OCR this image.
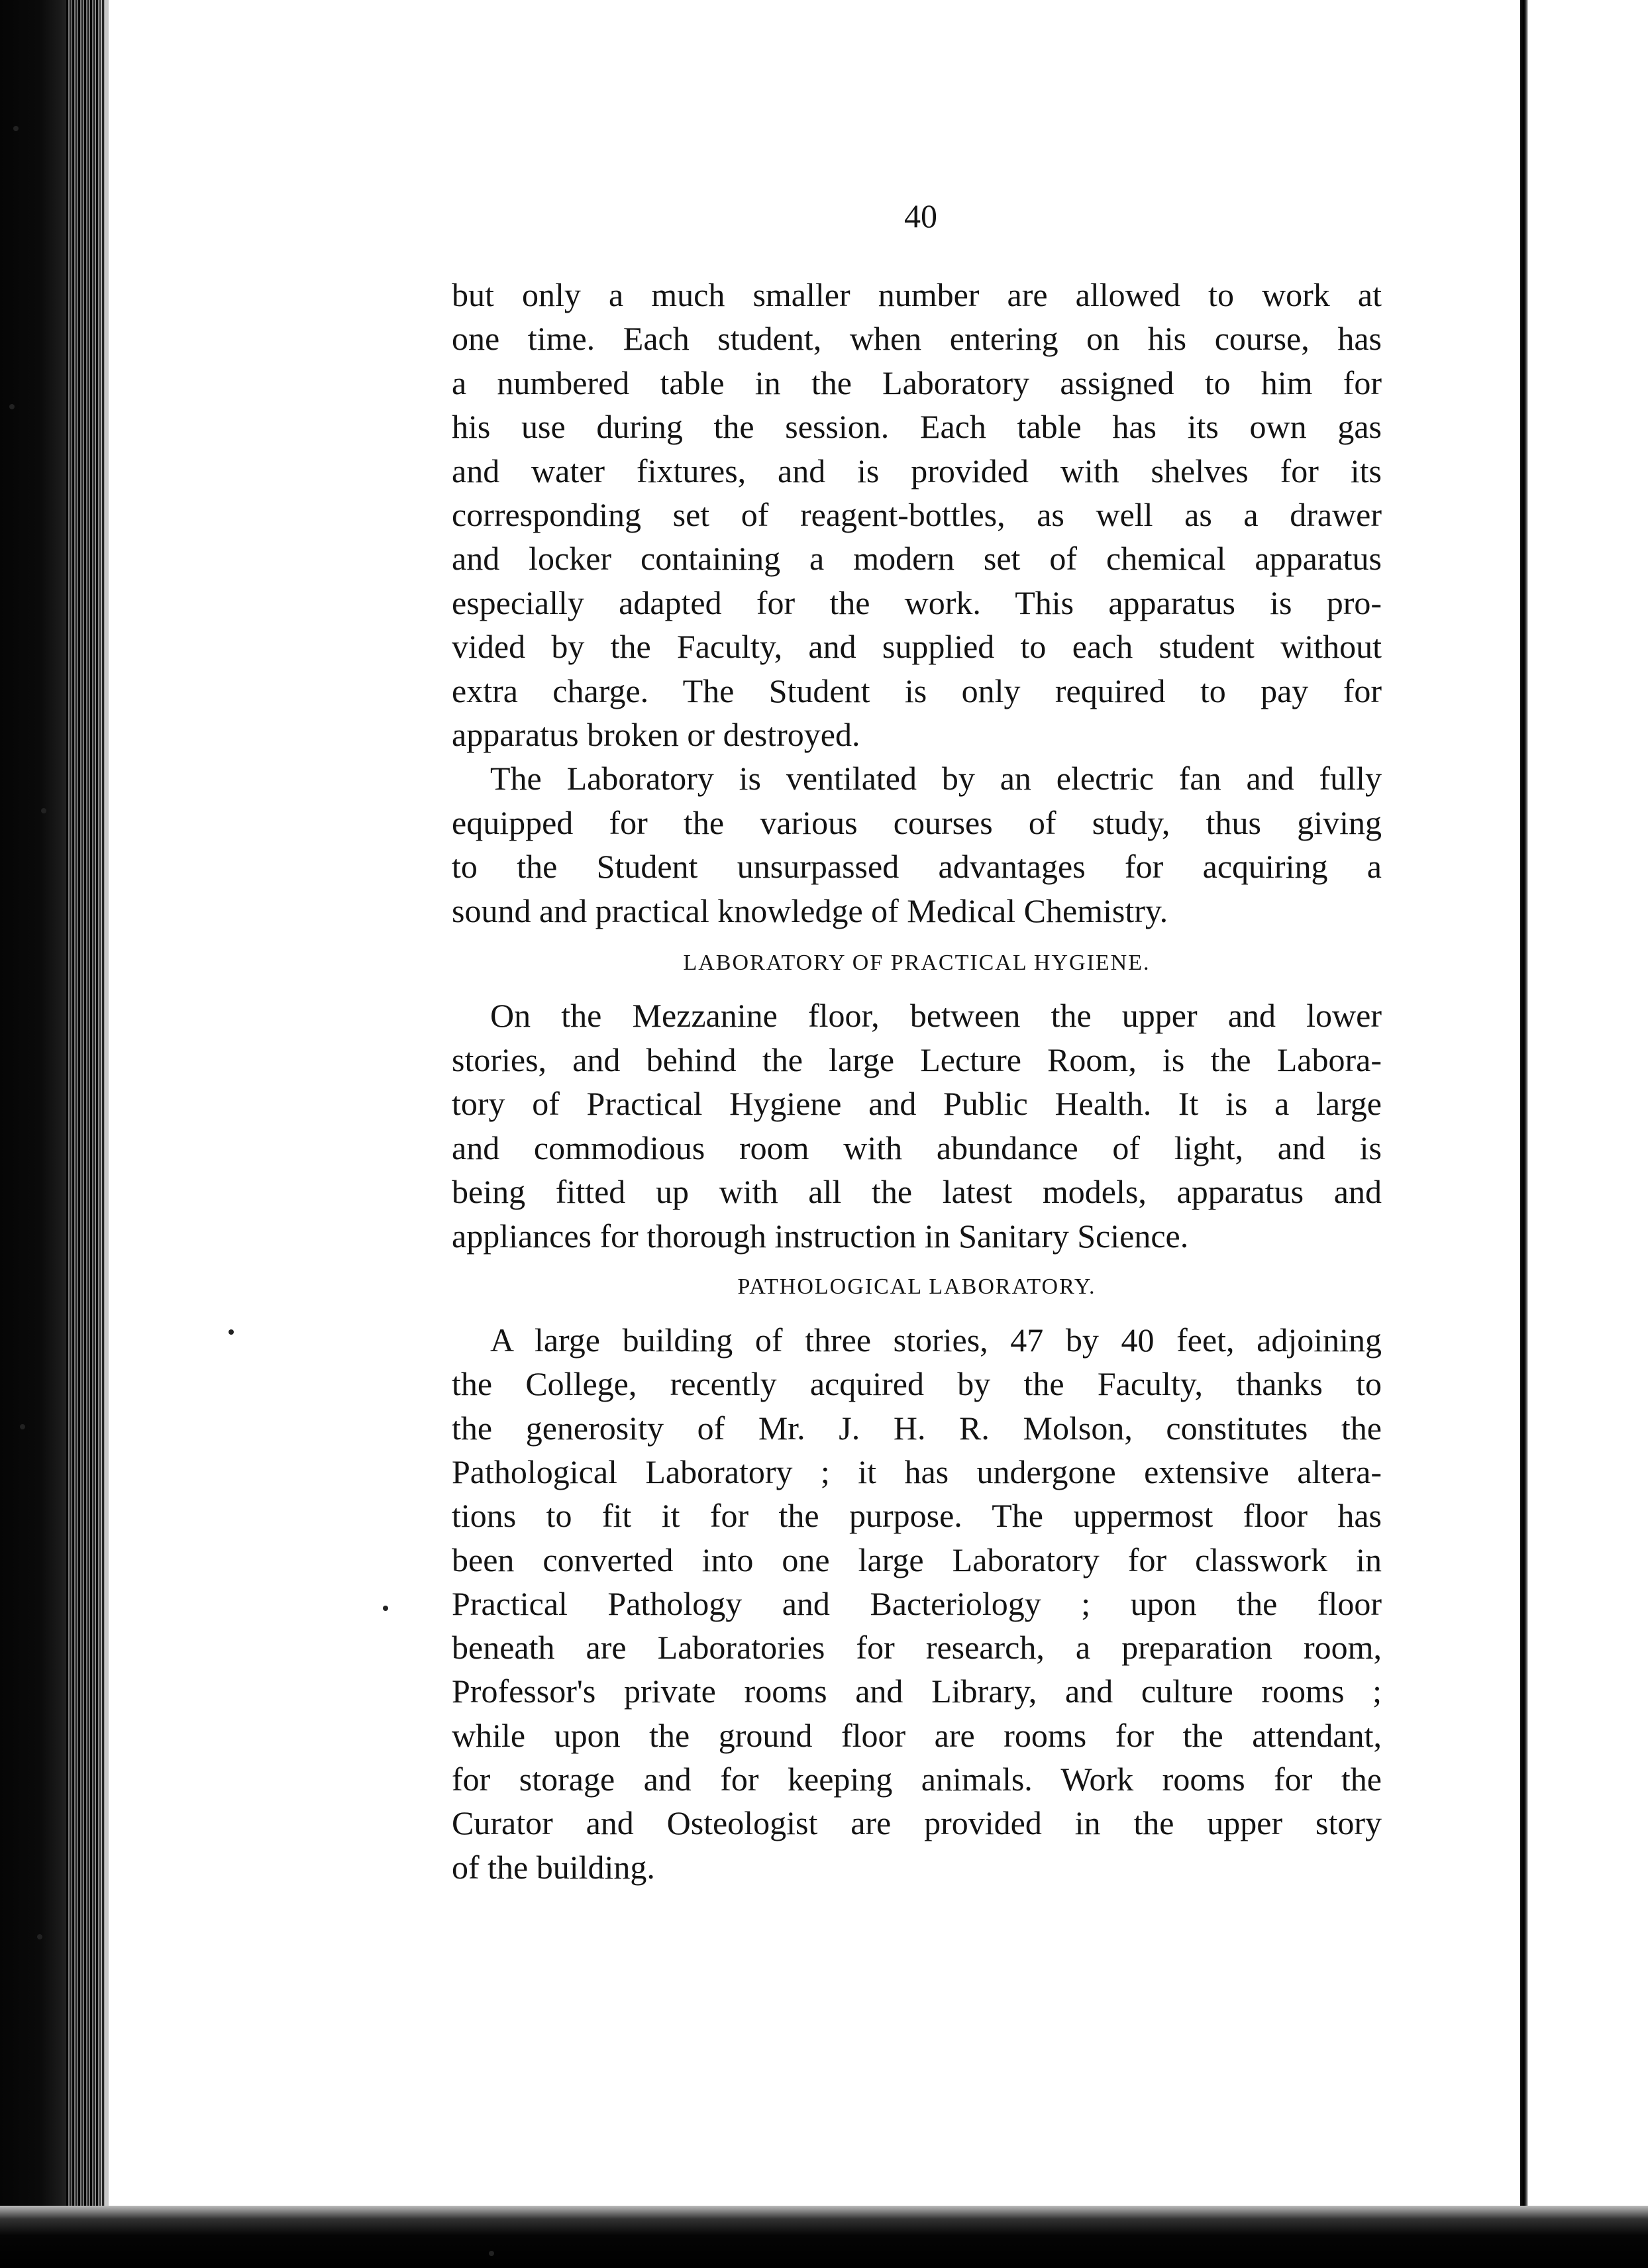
40
but only a much smaller number are allowed to work at
one time. Each student, when entering on his course, has
a numbered table in the Laboratory assigned to him for
his use during the session. Each table has its own gas
and water fixtures, and is provided with shelves for its
corresponding set of reagent-bottles, as well as a drawer
and locker containing a modern set of chemical apparatus
especially adapted for the work. This apparatus is pro-
vided by the Faculty, and supplied to each student without
extra charge. The Student is only required to pay for
apparatus broken or destroyed.
The Laboratory is ventilated by an electric fan and fully
equipped for the various courses of study, thus giving
to the Student unsurpassed advantages for acquiring a
sound and practical knowledge of Medical Chemistry.
LABORATORY OF PRACTICAL HYGIENE.
On the Mezzanine floor, between the upper and lower
stories, and behind the large Lecture Room, is the Labora-
tory of Practical Hygiene and Public Health. It is a large
and commodious room with abundance of light, and is
being fitted up with all the latest models, apparatus and
appliances for thorough instruction in Sanitary Science.
PATHOLOGICAL LABORATORY.
A large building of three stories, 47 by 40 feet, adjoining
the College, recently acquired by the Faculty, thanks to
the generosity of Mr. J. H. R. Molson, constitutes the
Pathological Laboratory ; it has undergone extensive altera-
tions to fit it for the purpose. The uppermost floor has
been converted into one large Laboratory for classwork in
Practical Pathology and Bacteriology ; upon the floor
beneath are Laboratories for research, a preparation room,
Professor's private rooms and Library, and culture rooms ;
while upon the ground floor are rooms for the attendant,
for storage and for keeping animals. Work rooms for the
Curator and Osteologist are provided in the upper story
of the building.
